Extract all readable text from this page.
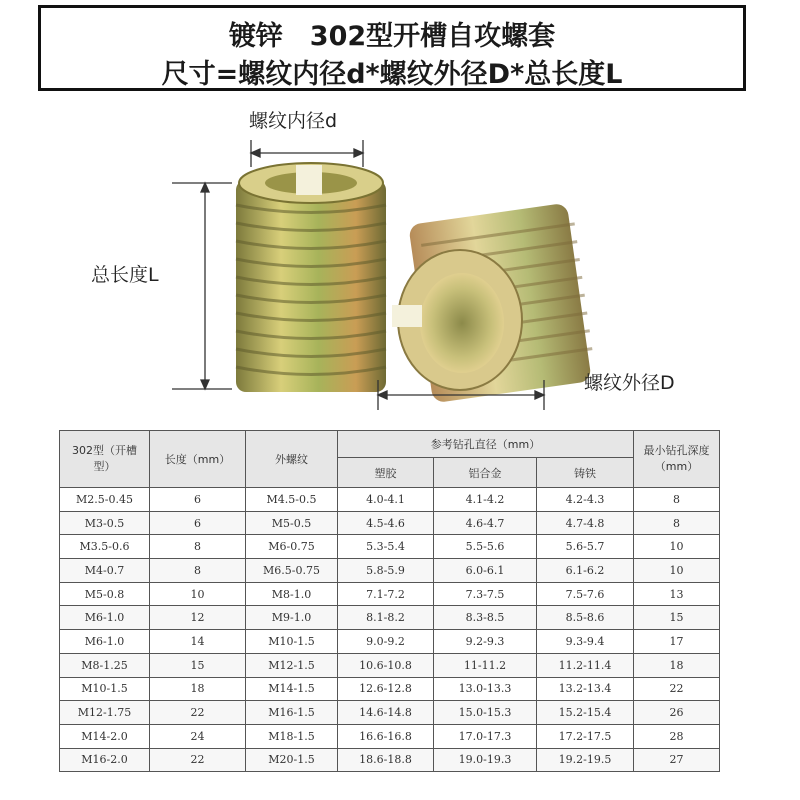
镀锌　302型开槽自攻螺套
尺寸=螺纹内径d*螺纹外径D*总长度L
螺纹内径d
总长度L
螺纹外径D
302型（开槽型）	长度（mm）	外螺纹	参考钻孔直径（mm）			最小钻孔深度（mm）
			塑胶	铝合金	铸铁	
M2.5-0.45	6	M4.5-0.5	4.0-4.1	4.1-4.2	4.2-4.3	8
M3-0.5	6	M5-0.5	4.5-4.6	4.6-4.7	4.7-4.8	8
M3.5-0.6	8	M6-0.75	5.3-5.4	5.5-5.6	5.6-5.7	10
M4-0.7	8	M6.5-0.75	5.8-5.9	6.0-6.1	6.1-6.2	10
M5-0.8	10	M8-1.0	7.1-7.2	7.3-7.5	7.5-7.6	13
M6-1.0	12	M9-1.0	8.1-8.2	8.3-8.5	8.5-8.6	15
M6-1.0	14	M10-1.5	9.0-9.2	9.2-9.3	9.3-9.4	17
M8-1.25	15	M12-1.5	10.6-10.8	11-11.2	11.2-11.4	18
M10-1.5	18	M14-1.5	12.6-12.8	13.0-13.3	13.2-13.4	22
M12-1.75	22	M16-1.5	14.6-14.8	15.0-15.3	15.2-15.4	26
M14-2.0	24	M18-1.5	16.6-16.8	17.0-17.3	17.2-17.5	28
M16-2.0	22	M20-1.5	18.6-18.8	19.0-19.3	19.2-19.5	27
